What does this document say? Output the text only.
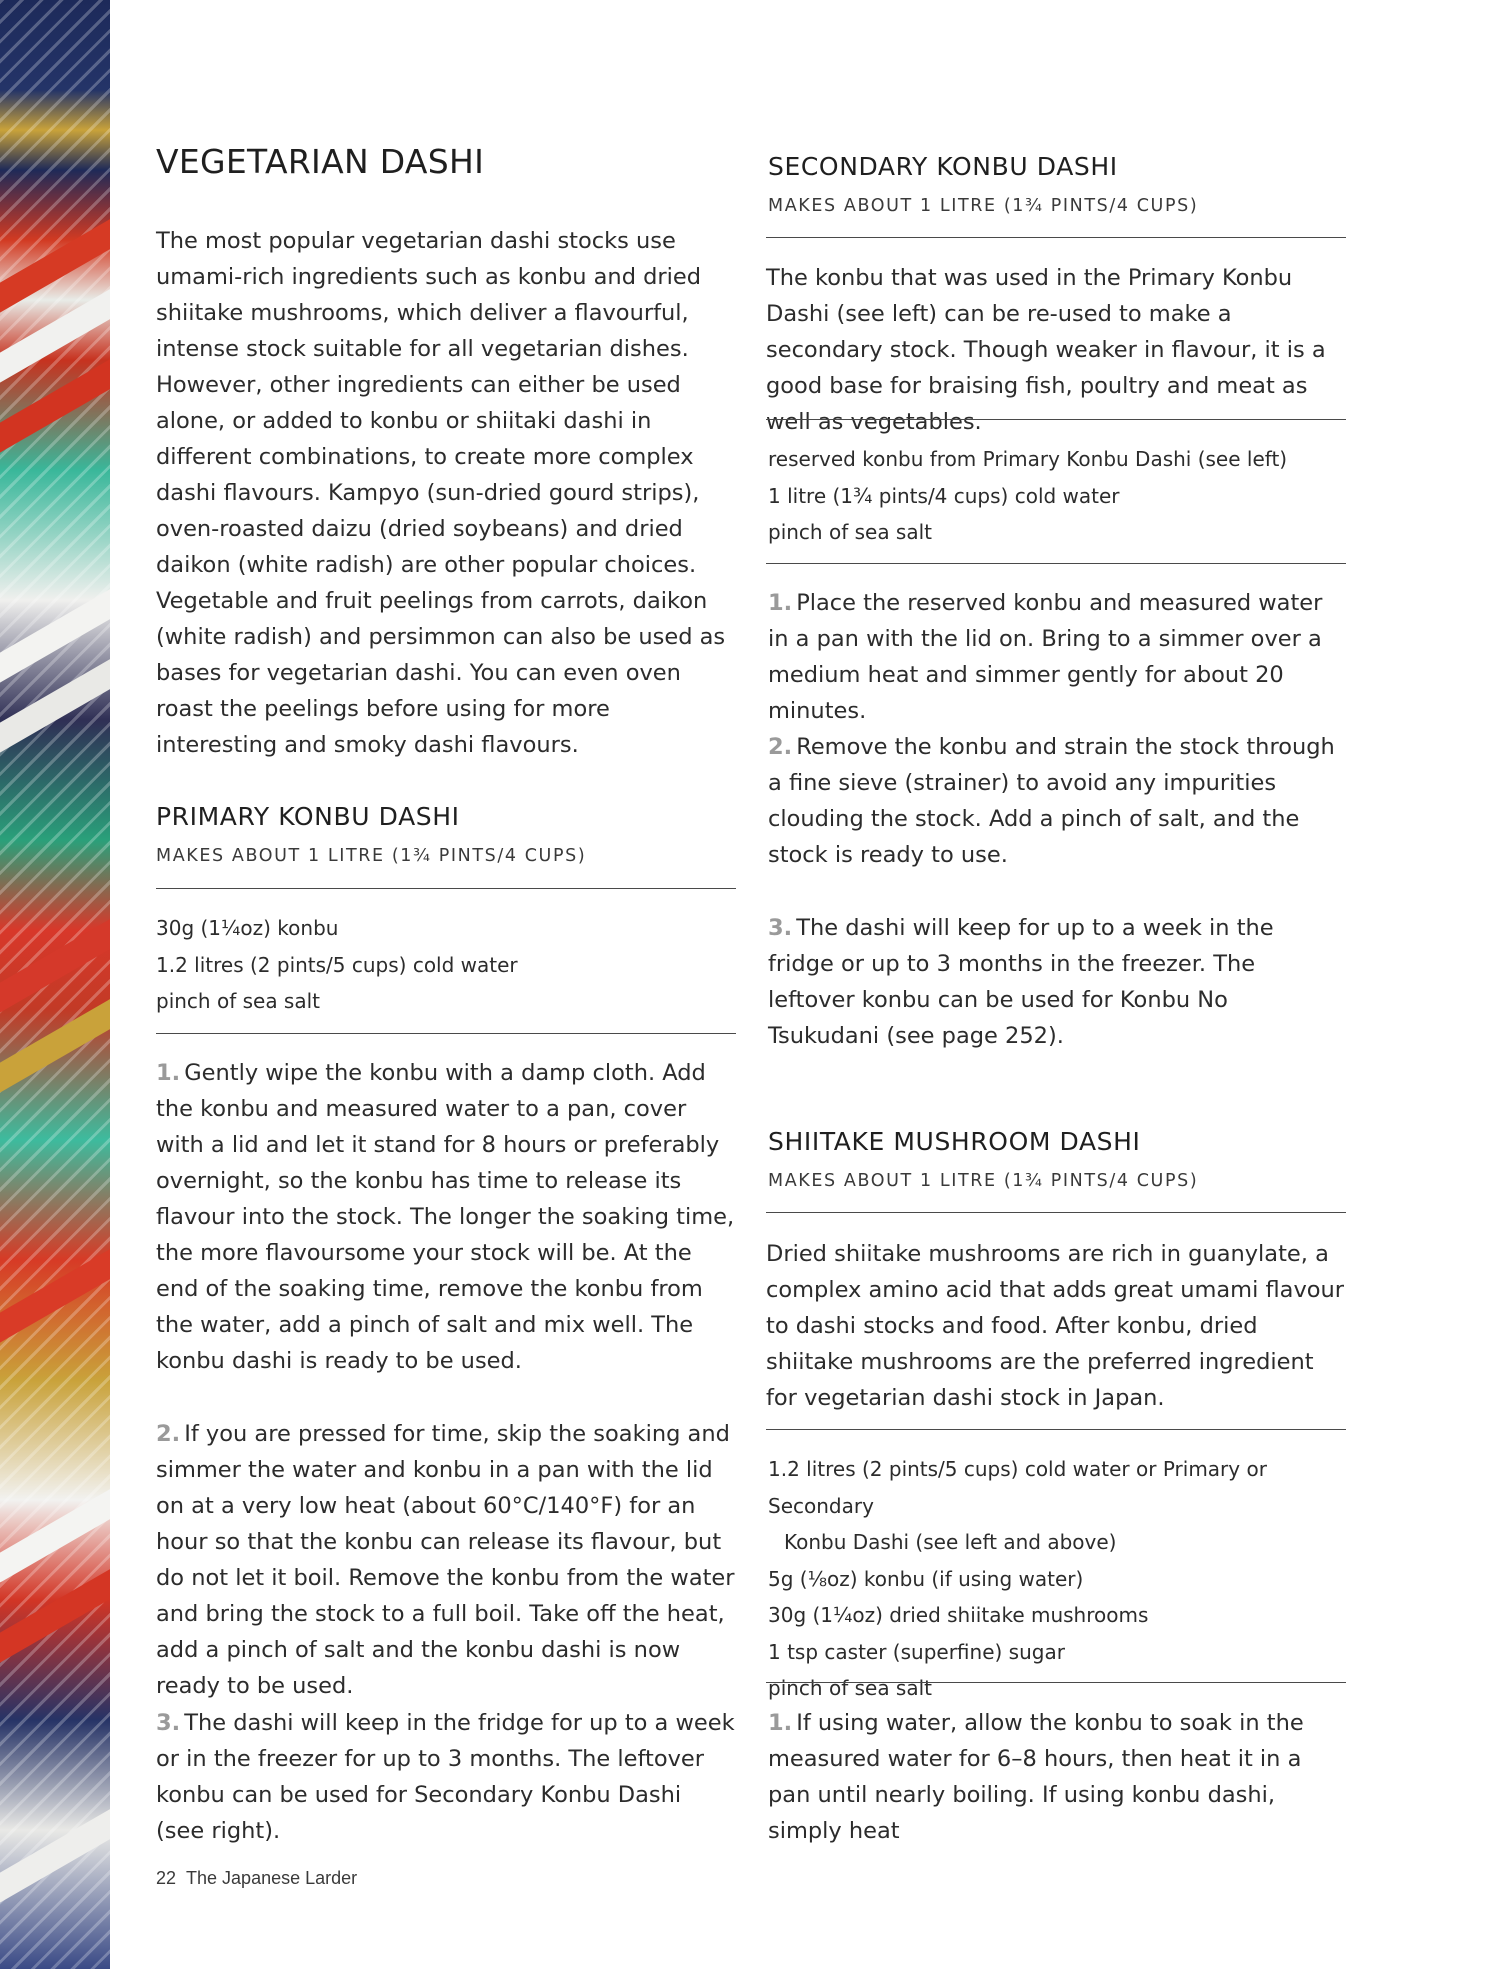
VEGETARIAN DASHI

The most popular vegetarian dashi stocks use umami-rich ingredients such as konbu and dried shiitake mushrooms, which deliver a flavourful, intense stock suitable for all vegetarian dishes. However, other ingredients can either be used alone, or added to konbu or shiitaki dashi in different combinations, to create more complex dashi flavours. Kampyo (sun-dried gourd strips), oven-roasted daizu (dried soybeans) and dried daikon (white radish) are other popular choices. Vegetable and fruit peelings from carrots, daikon (white radish) and persimmon can also be used as bases for vegetarian dashi. You can even oven roast the peelings before using for more interesting and smoky dashi flavours.

PRIMARY KONBU DASHI

MAKES ABOUT 1 LITRE (1¾ PINTS/4 CUPS)

30g (1¼oz) konbu
1.2 litres (2 pints/5 cups) cold water
pinch of sea salt

1. Gently wipe the konbu with a damp cloth. Add the konbu and measured water to a pan, cover with a lid and let it stand for 8 hours or preferably overnight, so the konbu has time to release its flavour into the stock. The longer the soaking time, the more flavoursome your stock will be. At the end of the soaking time, remove the konbu from the water, add a pinch of salt and mix well. The konbu dashi is ready to be used.

2. If you are pressed for time, skip the soaking and simmer the water and konbu in a pan with the lid on at a very low heat (about 60°C/140°F) for an hour so that the konbu can release its flavour, but do not let it boil. Remove the konbu from the water and bring the stock to a full boil. Take off the heat, add a pinch of salt and the konbu dashi is now ready to be used.

3. The dashi will keep in the fridge for up to a week or in the freezer for up to 3 months. The leftover konbu can be used for Secondary Konbu Dashi (see right).

SECONDARY KONBU DASHI

MAKES ABOUT 1 LITRE (1¾ PINTS/4 CUPS)

The konbu that was used in the Primary Konbu Dashi (see left) can be re-used to make a secondary stock. Though weaker in flavour, it is a good base for braising fish, poultry and meat as well as vegetables.

reserved konbu from Primary Konbu Dashi (see left)
1 litre (1¾ pints/4 cups) cold water
pinch of sea salt

1. Place the reserved konbu and measured water in a pan with the lid on. Bring to a simmer over a medium heat and simmer gently for about 20 minutes.

2. Remove the konbu and strain the stock through a fine sieve (strainer) to avoid any impurities clouding the stock. Add a pinch of salt, and the stock is ready to use.

3. The dashi will keep for up to a week in the fridge or up to 3 months in the freezer. The leftover konbu can be used for Konbu No Tsukudani (see page 252).

SHIITAKE MUSHROOM DASHI

MAKES ABOUT 1 LITRE (1¾ PINTS/4 CUPS)

Dried shiitake mushrooms are rich in guanylate, a complex amino acid that adds great umami flavour to dashi stocks and food. After konbu, dried shiitake mushrooms are the preferred ingredient for vegetarian dashi stock in Japan.

1.2 litres (2 pints/5 cups) cold water or Primary or Secondary
Konbu Dashi (see left and above)
5g (⅛oz) konbu (if using water)
30g (1¼oz) dried shiitake mushrooms
1 tsp caster (superfine) sugar
pinch of sea salt

1. If using water, allow the konbu to soak in the measured water for 6–8 hours, then heat it in a pan until nearly boiling. If using konbu dashi, simply heat

22 The Japanese Larder
